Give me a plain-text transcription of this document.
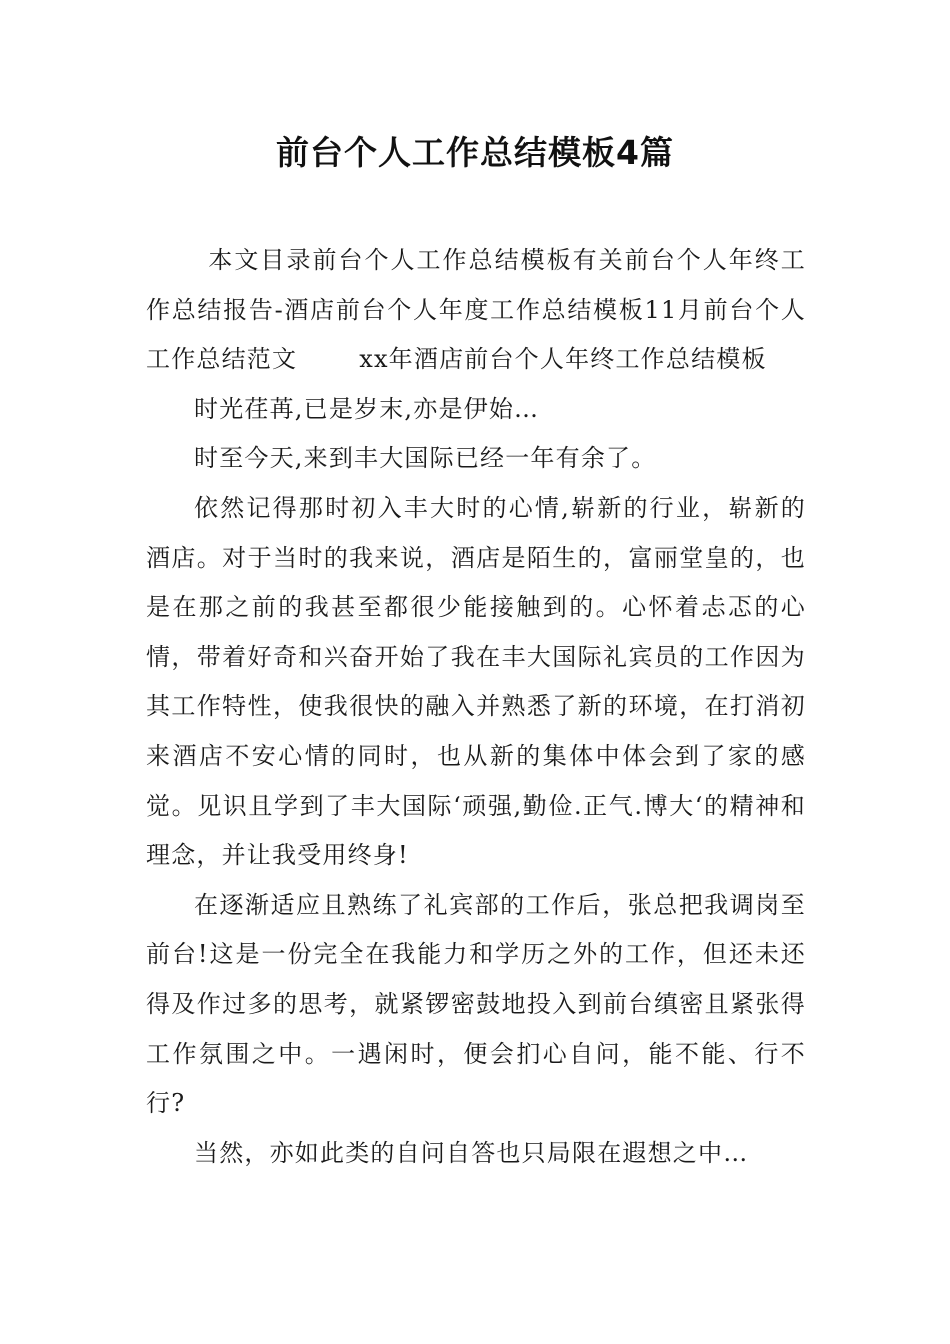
前台个人工作总结模板4篇

本文目录前台个人工作总结模板有关前台个人年终工作总结报告-酒店前台个人年度工作总结模板11月前台个人工作总结范文	xx年酒店前台个人年终工作总结模板

时光荏苒,已是岁末,亦是伊始…

时至今天,来到丰大国际已经一年有余了。

依然记得那时初入丰大时的心情,崭新的行业，崭新的酒店。对于当时的我来说，酒店是陌生的，富丽堂皇的，也是在那之前的我甚至都很少能接触到的。心怀着忐忑的心情，带着好奇和兴奋开始了我在丰大国际礼宾员的工作因为其工作特性，使我很快的融入并熟悉了新的环境，在打消初来酒店不安心情的同时，也从新的集体中体会到了家的感觉。见识且学到了丰大国际‘顽强,勤俭.正气.博大‘的精神和理念，并让我受用终身!

在逐渐适应且熟练了礼宾部的工作后，张总把我调岗至前台!这是一份完全在我能力和学历之外的工作，但还未还得及作过多的思考，就紧锣密鼓地投入到前台缜密且紧张得工作氛围之中。一遇闲时，便会扪心自问，能不能、行不行?

当然，亦如此类的自问自答也只局限在遐想之中…
